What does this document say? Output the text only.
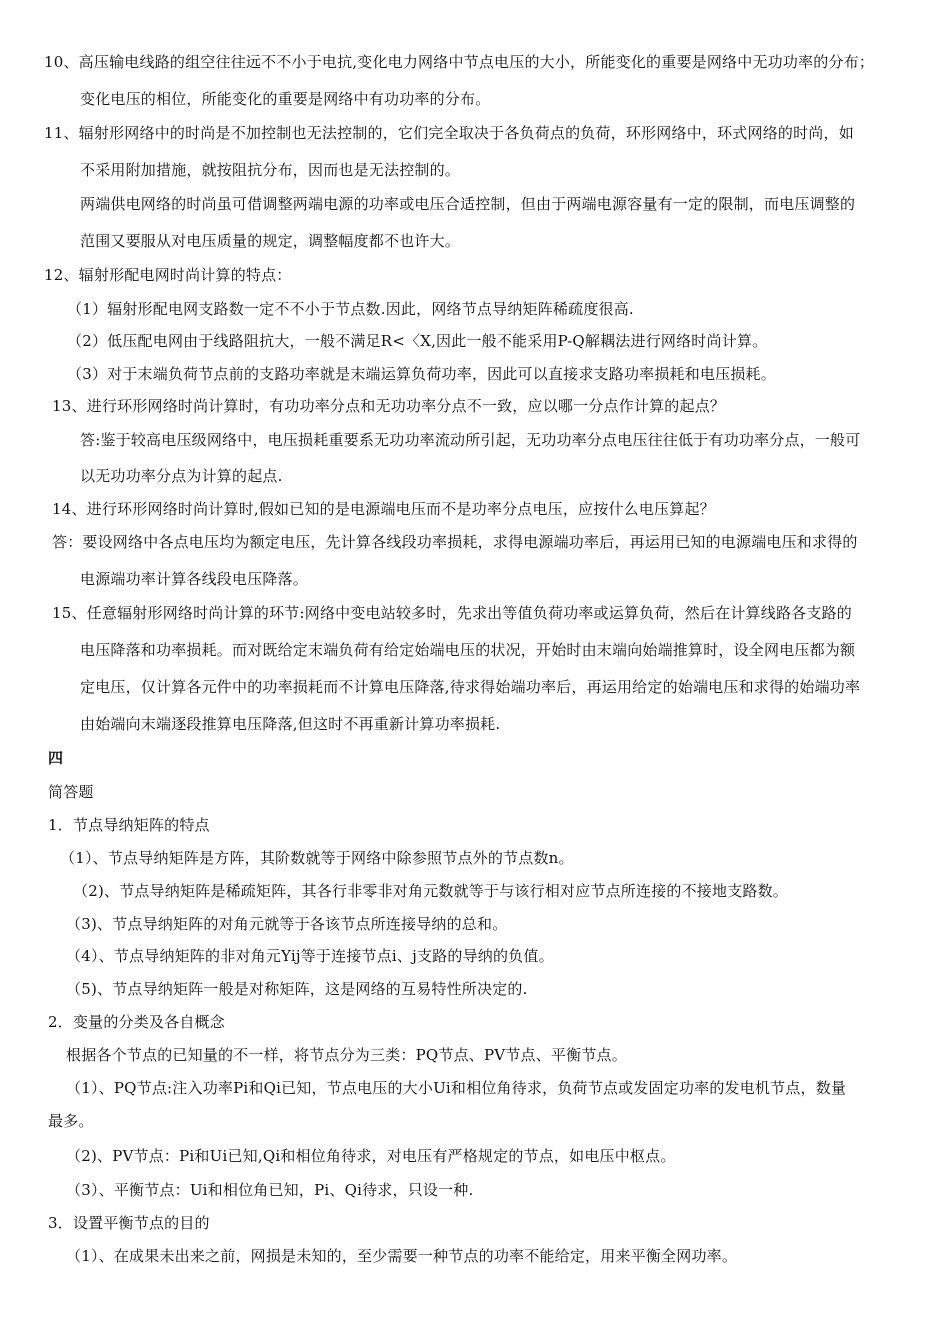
10、高压输电线路的组空往往远不不小于电抗,变化电力网络中节点电压的大小，所能变化的重要是网络中无功功率的分布；
变化电压的相位，所能变化的重要是网络中有功功率的分布。
11、辐射形网络中的时尚是不加控制也无法控制的，它们完全取决于各负荷点的负荷，环形网络中，环式网络的时尚，如
不采用附加措施，就按阻抗分布，因而也是无法控制的。
两端供电网络的时尚虽可借调整两端电源的功率或电压合适控制，但由于两端电源容量有一定的限制，而电压调整的
范围又要服从对电压质量的规定，调整幅度都不也许大。
12、辐射形配电网时尚计算的特点：
（1）辐射形配电网支路数一定不不小于节点数.因此，网络节点导纳矩阵稀疏度很高.
（2）低压配电网由于线路阻抗大，一般不满足R<〈X,因此一般不能采用P-Q解耦法进行网络时尚计算。
（3）对于末端负荷节点前的支路功率就是末端运算负荷功率，因此可以直接求支路功率损耗和电压损耗。
13、进行环形网络时尚计算时，有功功率分点和无功功率分点不一致，应以哪一分点作计算的起点？
答:鉴于较高电压级网络中，电压损耗重要系无功功率流动所引起，无功功率分点电压往往低于有功功率分点，一般可
以无功功率分点为计算的起点.
14、进行环形网络时尚计算时,假如已知的是电源端电压而不是功率分点电压，应按什么电压算起？
答：要设网络中各点电压均为额定电压，先计算各线段功率损耗，求得电源端功率后，再运用已知的电源端电压和求得的
电源端功率计算各线段电压降落。
15、任意辐射形网络时尚计算的环节:网络中变电站较多时，先求出等值负荷功率或运算负荷，然后在计算线路各支路的
电压降落和功率损耗。而对既给定末端负荷有给定始端电压的状况，开始时由末端向始端推算时，设全网电压都为额
定电压，仅计算各元件中的功率损耗而不计算电压降落,待求得始端功率后，再运用给定的始端电压和求得的始端功率
由始端向末端逐段推算电压降落,但这时不再重新计算功率损耗.
四
简答题
1．节点导纳矩阵的特点
（1）、节点导纳矩阵是方阵，其阶数就等于网络中除参照节点外的节点数n。
（2)、节点导纳矩阵是稀疏矩阵，其各行非零非对角元数就等于与该行相对应节点所连接的不接地支路数。
（3)、节点导纳矩阵的对角元就等于各该节点所连接导纳的总和。
（4）、节点导纳矩阵的非对角元Yij等于连接节点i、j支路的导纳的负值。
（5)、节点导纳矩阵一般是对称矩阵，这是网络的互易特性所决定的.
2．变量的分类及各自概念
根据各个节点的已知量的不一样，将节点分为三类：PQ节点、PV节点、平衡节点。
（1）、PQ节点:注入功率Pi和Qi已知，节点电压的大小Ui和相位角待求，负荷节点或发固定功率的发电机节点，数量
最多。
（2)、PV节点：Pi和Ui已知,Qi和相位角待求，对电压有严格规定的节点，如电压中枢点。
（3）、平衡节点：Ui和相位角已知，Pi、Qi待求，只设一种.
3．设置平衡节点的目的
（1）、在成果未出来之前，网损是未知的，至少需要一种节点的功率不能给定，用来平衡全网功率。
